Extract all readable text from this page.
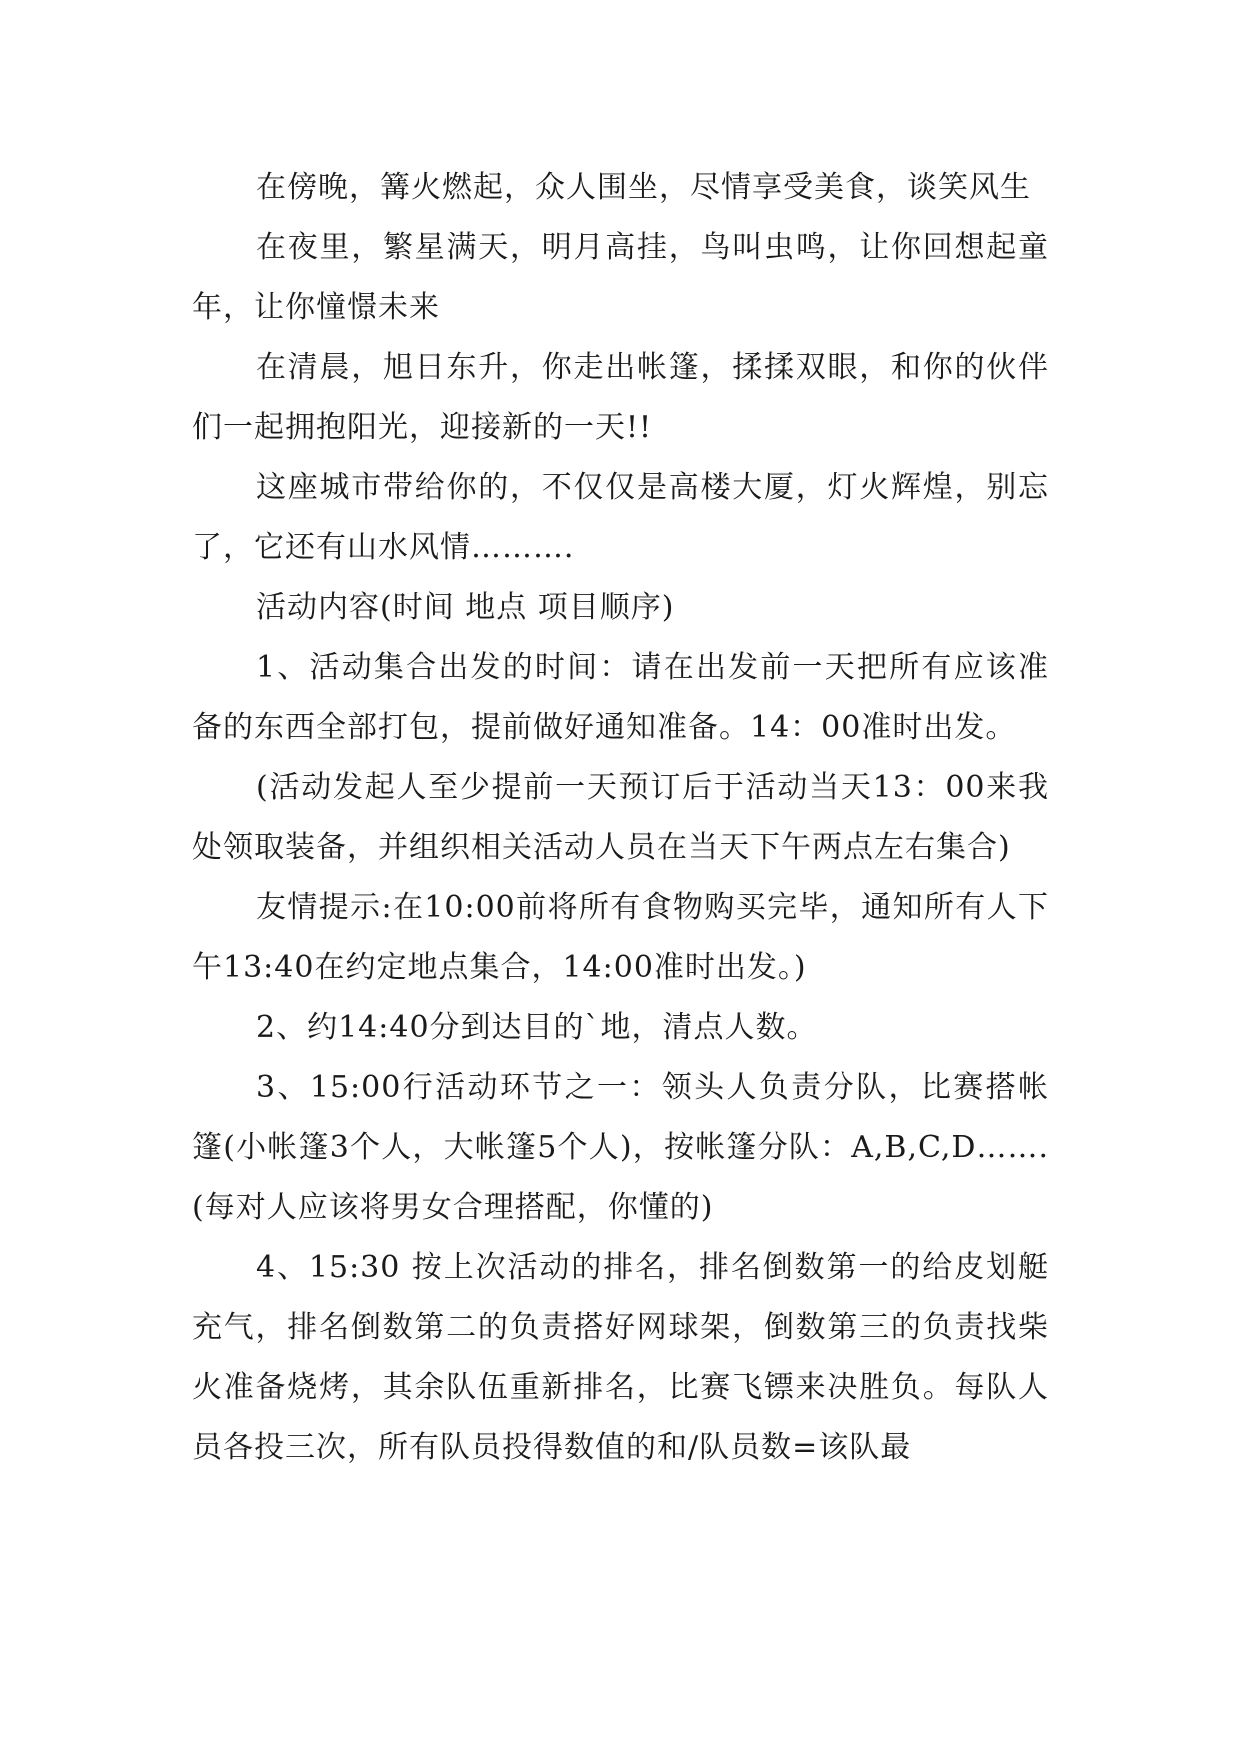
在傍晚，篝火燃起，众人围坐，尽情享受美食，谈笑风生

在夜里，繁星满天，明月高挂，鸟叫虫鸣，让你回想起童年，让你憧憬未来

在清晨，旭日东升，你走出帐篷，揉揉双眼，和你的伙伴们一起拥抱阳光，迎接新的一天!!

这座城市带给你的，不仅仅是高楼大厦，灯火辉煌，别忘了，它还有山水风情………．

活动内容(时间 地点 项目顺序)

1、活动集合出发的时间：请在出发前一天把所有应该准备的东西全部打包，提前做好通知准备。14：00准时出发。

(活动发起人至少提前一天预订后于活动当天13：00来我处领取装备，并组织相关活动人员在当天下午两点左右集合)

友情提示:在10:00前将所有食物购买完毕，通知所有人下午13:40在约定地点集合，14:00准时出发。)

2、约14:40分到达目的`地，清点人数。

3、15:00行活动环节之一：领头人负责分队，比赛搭帐篷(小帐篷3个人，大帐篷5个人)，按帐篷分队：A,B,C,D…….(每对人应该将男女合理搭配，你懂的)

4、15:30 按上次活动的排名，排名倒数第一的给皮划艇充气，排名倒数第二的负责搭好网球架，倒数第三的负责找柴火准备烧烤，其余队伍重新排名，比赛飞镖来决胜负。每队人员各投三次，所有队员投得数值的和/队员数=该队最
